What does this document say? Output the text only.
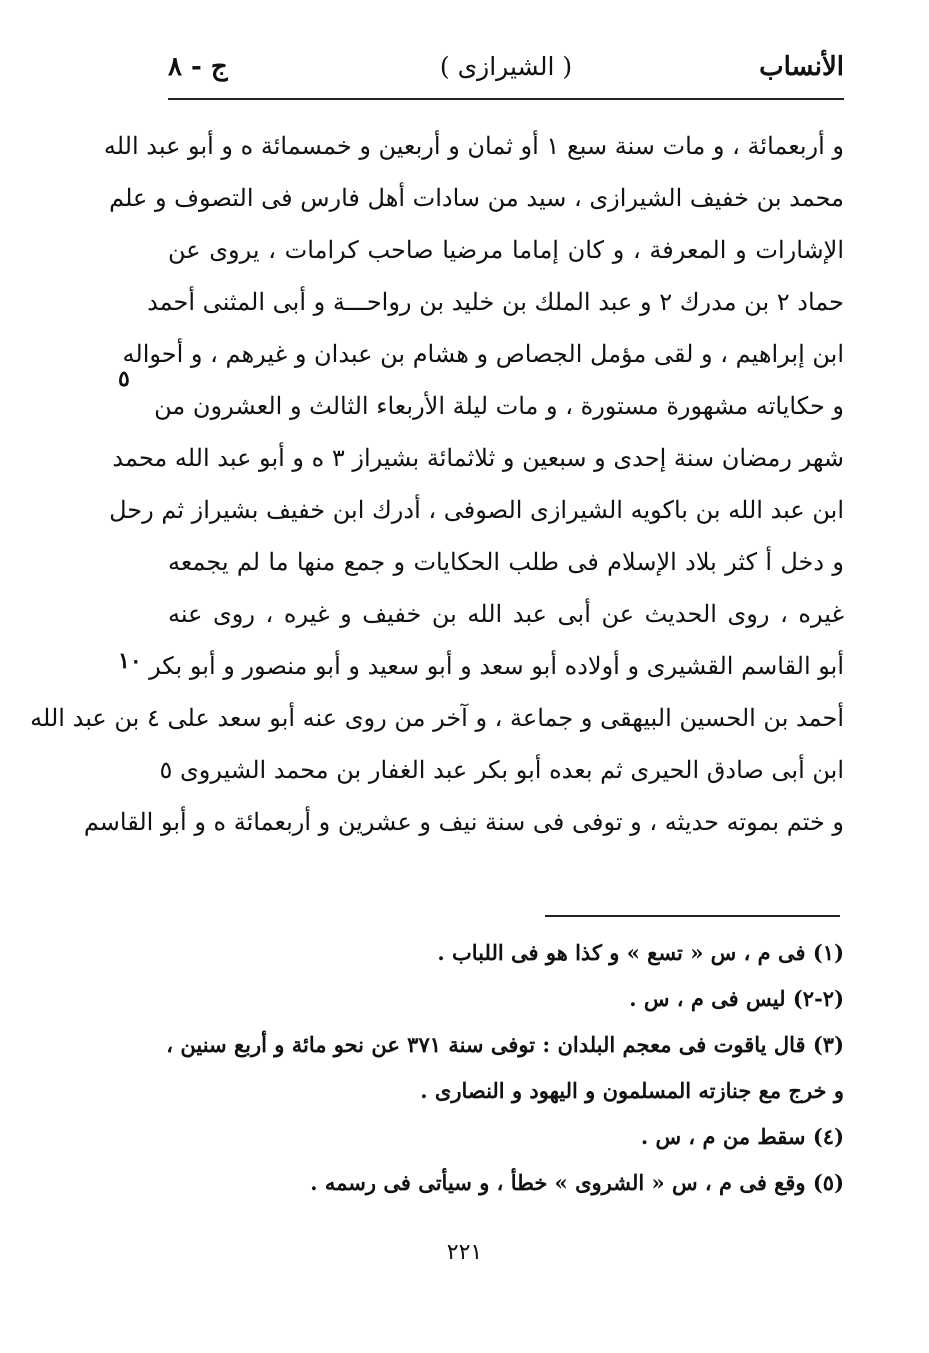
الأنساب
( الشيرازى )
ج - ٨
و أربعمائة ، و مات سنة سبع ١ أو ثمان و أربعين و خمسمائة ه و أبو عبد الله
محمد بن خفيف الشيرازى ، سيد من سادات أهل فارس فى التصوف و علم
الإشارات و المعرفة ، و كان إماما مرضيا صاحب كرامات ، يروى عن
حماد ٢ بن مدرك ٢ و عبد الملك بن خليد بن رواحـــة و أبى المثنى أحمد
ابن إبراهيم ، و لقى مؤمل الجصاص و هشام بن عبدان و غيرهم ، و أحواله
و حكاياته مشهورة مستورة ، و مات ليلة الأربعاء الثالث و العشرون من
شهر رمضان سنة إحدى و سبعين و ثلاثمائة بشيراز ٣ ه و أبو عبد الله محمد
ابن عبد الله بن باكويه الشيرازى الصوفى ، أدرك ابن خفيف بشيراز ثم رحل
و دخل أ كثر بلاد الإسلام فى طلب الحكايات و جمع منها ما لم يجمعه
غيره ، روى الحديث عن أبى عبد الله بن خفيف و غيره ، روى عنه
أبو القاسم القشيرى و أولاده أبو سعد و أبو سعيد و أبو منصور و أبو بكر
أحمد بن الحسين البيهقى و جماعة ، و آخر من روى عنه أبو سعد على ٤ بن عبد الله
ابن أبى صادق الحيرى ثم بعده أبو بكر عبد الغفار بن محمد الشيروى ٥
و ختم بموته حديثه ، و توفى فى سنة نيف و عشرين و أربعمائة ه و أبو القاسم
٥
١٠
(١) فى م ، س « تسع » و كذا هو فى اللباب .
(٢-٢) ليس فى م ، س .
(٣) قال ياقوت فى معجم البلدان : توفى سنة ٣٧١ عن نحو مائة و أربع سنين ،
و خرج مع جنازته المسلمون و اليهود و النصارى .
(٤) سقط من م ، س .
(٥) وقع فى م ، س « الشروى » خطأ ، و سيأتى فى رسمه .
٢٢١
